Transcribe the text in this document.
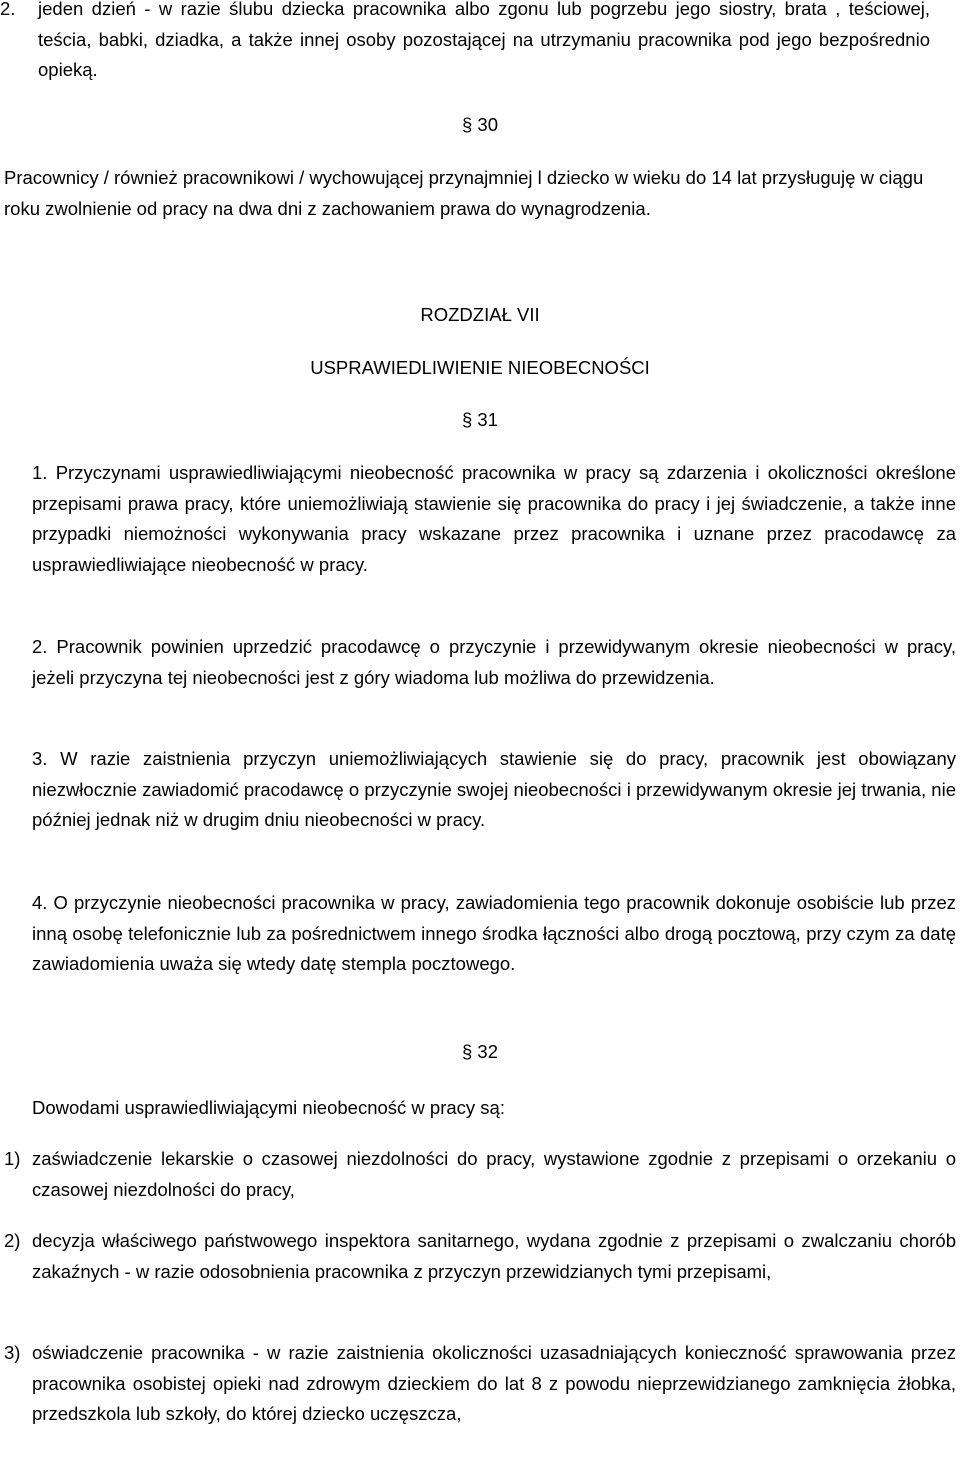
2.	jeden dzień - w razie ślubu dziecka pracownika albo zgonu lub pogrzebu jego siostry, brata , teściowej, teścia, babki, dziadka, a także innej osoby pozostającej na utrzymaniu pracownika pod jego bezpośrednio opieką.
§ 30

Pracownicy / również pracownikowi / wychowującej przynajmniej l dziecko w wieku do 14 lat przysługuję w ciągu roku zwolnienie od pracy na dwa dni z zachowaniem prawa do wynagrodzenia.

ROZDZIAŁ VII
USPRAWIEDLIWIENIE NIEOBECNOŚCI
§ 31

1. Przyczynami usprawiedliwiającymi nieobecność pracownika w pracy są zdarzenia i okoliczności określone przepisami prawa pracy, które uniemożliwiają stawienie się pracownika do pracy i jej świadczenie, a także inne przypadki niemożności wykonywania pracy wskazane przez pracownika i uznane przez pracodawcę za usprawiedliwiające nieobecność w pracy.

2. Pracownik powinien uprzedzić pracodawcę o przyczynie i przewidywanym okresie nieobecności w pracy, jeżeli przyczyna tej nieobecności jest z góry wiadoma lub możliwa do przewidzenia.

3. W razie zaistnienia przyczyn uniemożliwiających stawienie się do pracy, pracownik jest obowiązany niezwłocznie zawiadomić pracodawcę o przyczynie swojej nieobecności i przewidywanym okresie jej trwania, nie później jednak niż w drugim dniu nieobecności w pracy.

4. O przyczynie nieobecności pracownika w pracy, zawiadomienia tego pracownik dokonuje osobiście lub przez inną osobę telefonicznie lub za pośrednictwem innego środka łączności albo drogą pocztową, przy czym za datę zawiadomienia uważa się wtedy datę stempla pocztowego.

§ 32

Dowodami usprawiedliwiającymi nieobecność w pracy są:

1) zaświadczenie lekarskie o czasowej niezdolności do pracy, wystawione zgodnie z przepisami o orzekaniu o czasowej niezdolności do pracy,
2) decyzja właściwego państwowego inspektora sanitarnego, wydana zgodnie z przepisami o zwalczaniu chorób zakaźnych - w razie odosobnienia pracownika z przyczyn przewidzianych tymi przepisami,
3) oświadczenie pracownika - w razie zaistnienia okoliczności uzasadniających konieczność sprawowania przez pracownika osobistej opieki nad zdrowym dzieckiem do lat 8 z powodu nieprzewidzianego zamknięcia żłobka, przedszkola lub szkoły, do której dziecko uczęszcza,
